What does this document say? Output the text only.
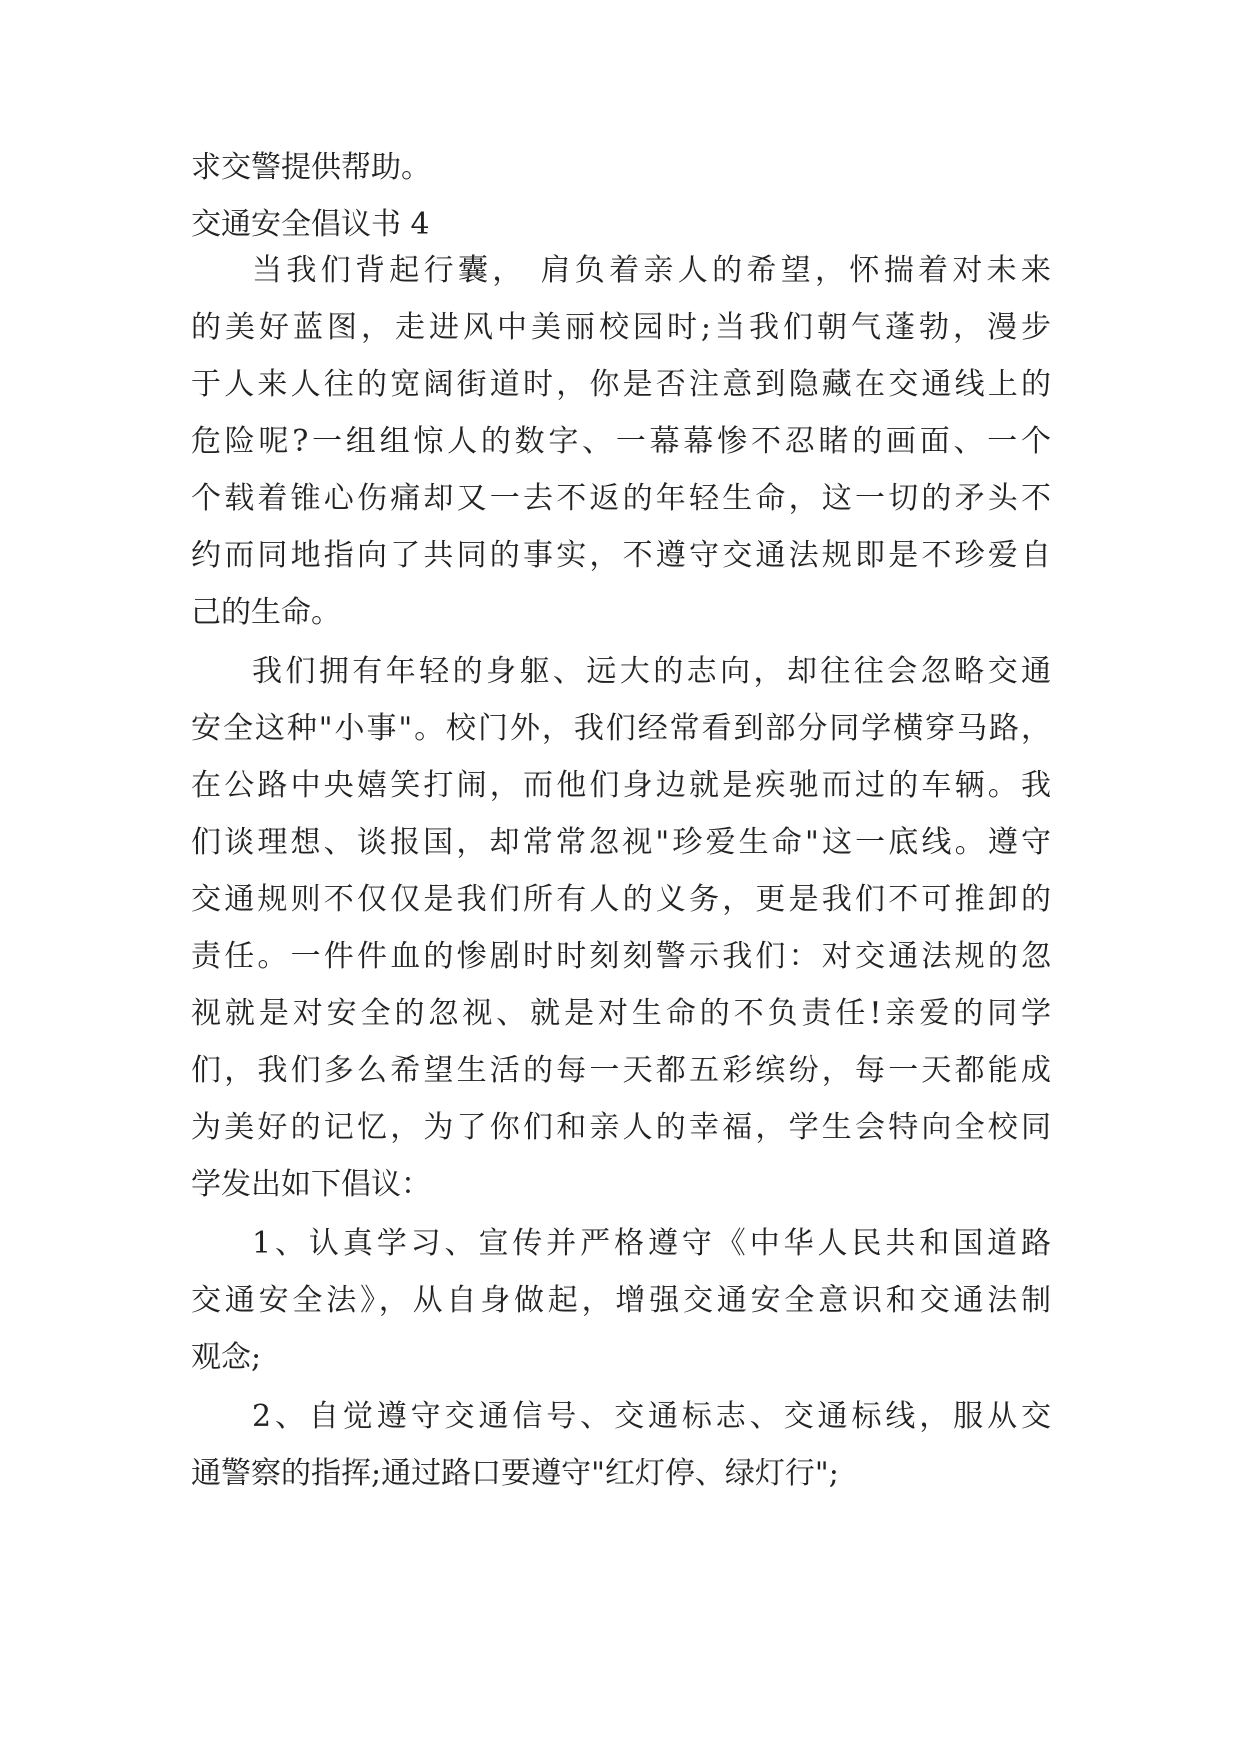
求交警提供帮助。

交通安全倡议书 4

当我们背起行囊， 肩负着亲人的希望，怀揣着对未来

的美好蓝图，走进风中美丽校园时;当我们朝气蓬勃，漫步

于人来人往的宽阔街道时，你是否注意到隐藏在交通线上的

危险呢?一组组惊人的数字、一幕幕惨不忍睹的画面、一个

个载着锥心伤痛却又一去不返的年轻生命，这一切的矛头不

约而同地指向了共同的事实，不遵守交通法规即是不珍爱自

己的生命。

我们拥有年轻的身躯、远大的志向，却往往会忽略交通

安全这种"小事"。校门外，我们经常看到部分同学横穿马路，

在公路中央嬉笑打闹，而他们身边就是疾驰而过的车辆。我

们谈理想、谈报国，却常常忽视"珍爱生命"这一底线。遵守

交通规则不仅仅是我们所有人的义务，更是我们不可推卸的

责任。一件件血的惨剧时时刻刻警示我们：对交通法规的忽

视就是对安全的忽视、就是对生命的不负责任!亲爱的同学

们，我们多么希望生活的每一天都五彩缤纷，每一天都能成

为美好的记忆，为了你们和亲人的幸福，学生会特向全校同

学发出如下倡议：

1、认真学习、宣传并严格遵守《中华人民共和国道路

交通安全法》，从自身做起，增强交通安全意识和交通法制

观念;

2、自觉遵守交通信号、交通标志、交通标线，服从交

通警察的指挥;通过路口要遵守"红灯停、绿灯行";
